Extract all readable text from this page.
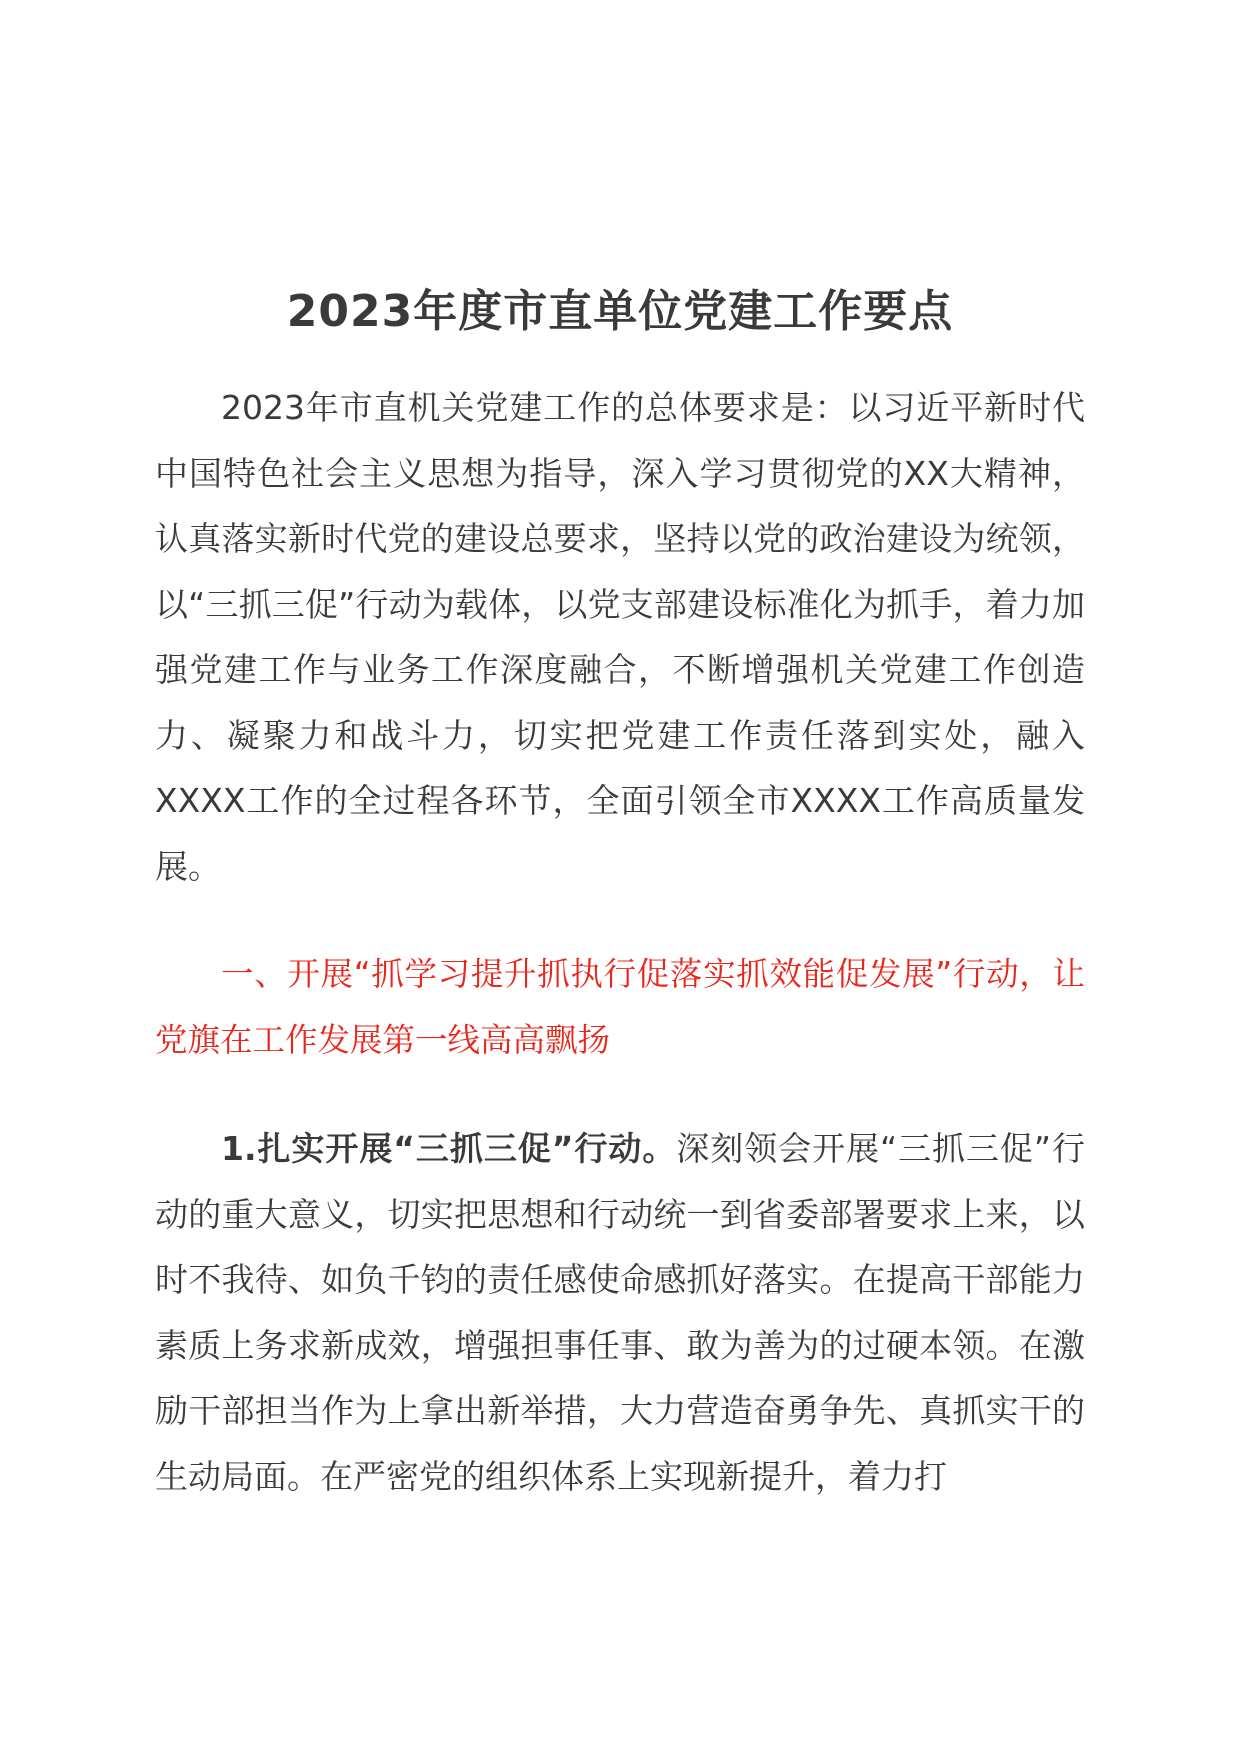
2023年度市直单位党建工作要点

2023年市直机关党建工作的总体要求是：以习近平新时代中国特色社会主义思想为指导，深入学习贯彻党的XX大精神，认真落实新时代党的建设总要求，坚持以党的政治建设为统领，以“三抓三促”行动为载体，以党支部建设标准化为抓手，着力加强党建工作与业务工作深度融合，不断增强机关党建工作创造力、凝聚力和战斗力，切实把党建工作责任落到实处，融入XXXX工作的全过程各环节，全面引领全市XXXX工作高质量发展。

一、开展“抓学习提升抓执行促落实抓效能促发展”行动，让党旗在工作发展第一线高高飘扬

1.扎实开展“三抓三促”行动。深刻领会开展“三抓三促”行动的重大意义，切实把思想和行动统一到省委部署要求上来，以时不我待、如负千钧的责任感使命感抓好落实。在提高干部能力素质上务求新成效，增强担事任事、敢为善为的过硬本领。在激励干部担当作为上拿出新举措，大力营造奋勇争先、真抓实干的生动局面。在严密党的组织体系上实现新提升，着力打
